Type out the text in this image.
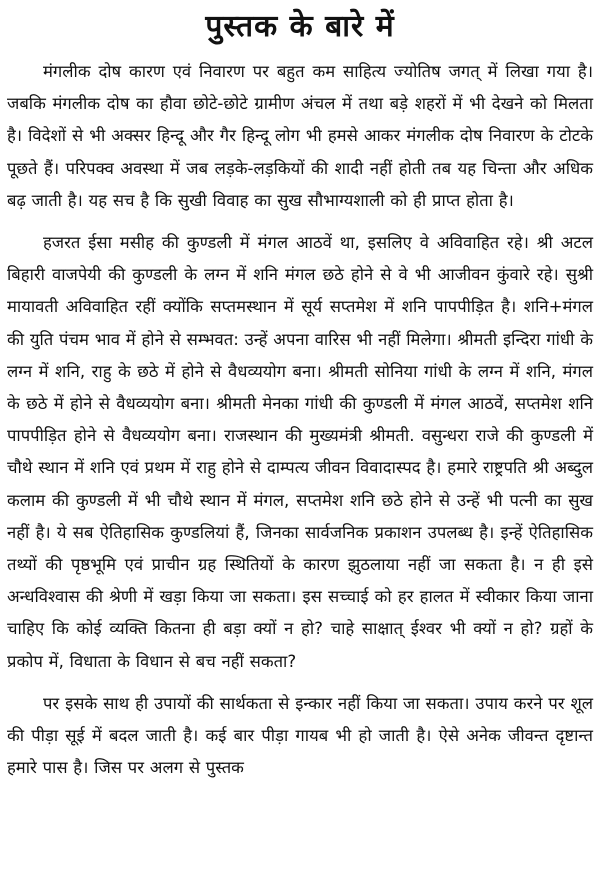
पुस्तक के बारे में

मंगलीक दोष कारण एवं निवारण पर बहुत कम साहित्य ज्योतिष जगत् में लिखा गया है। जबकि मंगलीक दोष का हौवा छोटे-छोटे ग्रामीण अंचल में तथा बड़े शहरों में भी देखने को मिलता है। विदेशों से भी अक्सर हिन्दू और गैर हिन्दू लोग भी हमसे आकर मंगलीक दोष निवारण के टोटके पूछते हैं। परिपक्व अवस्था में जब लड़के-लड़कियों की शादी नहीं होती तब यह चिन्ता और अधिक बढ़ जाती है। यह सच है कि सुखी विवाह का सुख सौभाग्यशाली को ही प्राप्त होता है।

हजरत ईसा मसीह की कुण्डली में मंगल आठवें था, इसलिए वे अविवाहित रहे। श्री अटल बिहारी वाजपेयी की कुण्डली के लग्न में शनि मंगल छठे होने से वे भी आजीवन कुंवारे रहे। सुश्री मायावती अविवाहित रहीं क्योंकि सप्तमस्थान में सूर्य सप्तमेश में शनि पापपीड़ित है। शनि+मंगल की युति पंचम भाव में होने से सम्भवत: उन्हें अपना वारिस भी नहीं मिलेगा। श्रीमती इन्दिरा गांधी के लग्न में शनि, राहु के छठे में होने से वैधव्ययोग बना। श्रीमती सोनिया गांधी के लग्न में शनि, मंगल के छठे में होने से वैधव्ययोग बना। श्रीमती मेनका गांधी की कुण्डली में मंगल आठवें, सप्तमेश शनि पापपीड़ित होने से वैधव्ययोग बना। राजस्थान की मुख्यमंत्री श्रीमती. वसुन्धरा राजे की कुण्डली में चौथे स्थान में शनि एवं प्रथम में राहु होने से दाम्पत्य जीवन विवादास्पद है। हमारे राष्ट्रपति श्री अब्दुल कलाम की कुण्डली में भी चौथे स्थान में मंगल, सप्तमेश शनि छठे होने से उन्हें भी पत्नी का सुख नहीं है। ये सब ऐतिहासिक कुण्डलियां हैं, जिनका सार्वजनिक प्रकाशन उपलब्ध है। इन्हें ऐतिहासिक तथ्यों की पृष्ठभूमि एवं प्राचीन ग्रह स्थितियों के कारण झुठलाया नहीं जा सकता है। न ही इसे अन्धविश्वास की श्रेणी में खड़ा किया जा सकता। इस सच्चाई को हर हालत में स्वीकार किया जाना चाहिए कि कोई व्यक्ति कितना ही बड़ा क्यों न हो? चाहे साक्षात् ईश्वर भी क्यों न हो? ग्रहों के प्रकोप में, विधाता के विधान से बच नहीं सकता?

पर इसके साथ ही उपायों की सार्थकता से इन्कार नहीं किया जा सकता। उपाय करने पर शूल की पीड़ा सूई में बदल जाती है। कई बार पीड़ा गायब भी हो जाती है। ऐसे अनेक जीवन्त दृष्टान्त हमारे पास है। जिस पर अलग से पुस्तक
